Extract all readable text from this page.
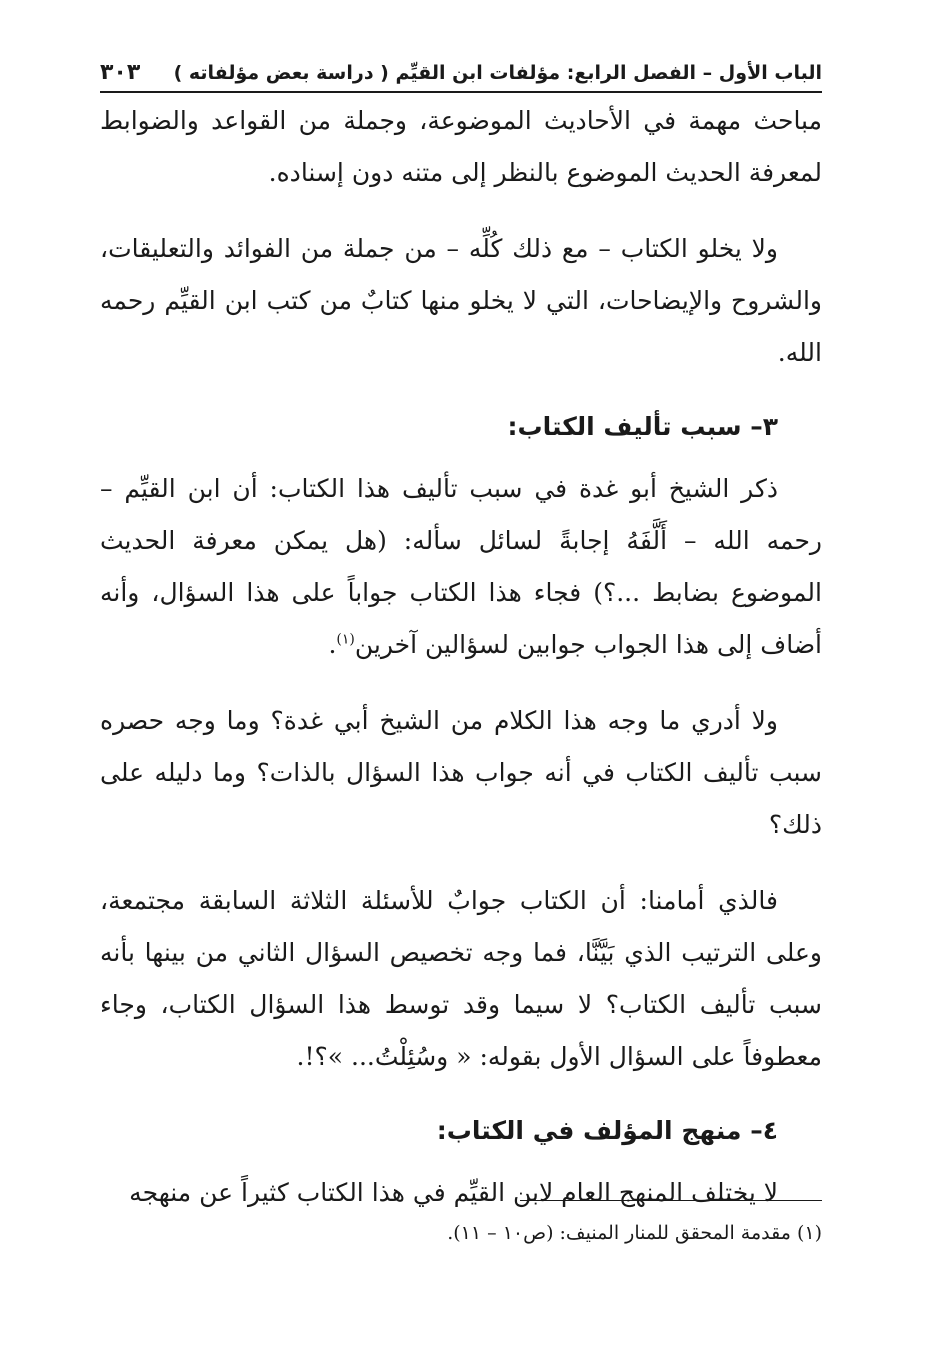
الباب الأول – الفصل الرابع: مؤلفات ابن القيِّم ( دراسة بعض مؤلفاته )
٣٠٣

مباحث مهمة في الأحاديث الموضوعة، وجملة من القواعد والضوابط لمعرفة الحديث الموضوع بالنظر إلى متنه دون إسناده.

ولا يخلو الكتاب – مع ذلك كُلِّه – من جملة من الفوائد والتعليقات، والشروح والإيضاحات، التي لا يخلو منها كتابٌ من كتب ابن القيِّم رحمه الله.

٣– سبب تأليف الكتاب:

ذكر الشيخ أبو غدة في سبب تأليف هذا الكتاب: أن ابن القيِّم – رحمه الله – أَلَّفَهُ إجابةً لسائل سأله: (هل يمكن معرفة الحديث الموضوع بضابط ...؟) فجاء هذا الكتاب جواباً على هذا السؤال، وأنه أضاف إلى هذا الجواب جوابين لسؤالين آخرين$^{(١)}$.

ولا أدري ما وجه هذا الكلام من الشيخ أبي غدة؟ وما وجه حصره سبب تأليف الكتاب في أنه جواب هذا السؤال بالذات؟ وما دليله على ذلك؟

فالذي أمامنا: أن الكتاب جوابٌ للأسئلة الثلاثة السابقة مجتمعة، وعلى الترتيب الذي بَيَّنَّا، فما وجه تخصيص السؤال الثاني من بينها بأنه سبب تأليف الكتاب؟ لا سيما وقد توسط هذا السؤال الكتاب، وجاء معطوفاً على السؤال الأول بقوله: « وسُئِلْتُ... »؟!.

٤– منهج المؤلف في الكتاب:

لا يختلف المنهج العام لابن القيِّم في هذا الكتاب كثيراً عن منهجه

(١) مقدمة المحقق للمنار المنيف: (ص١٠ – ١١).
